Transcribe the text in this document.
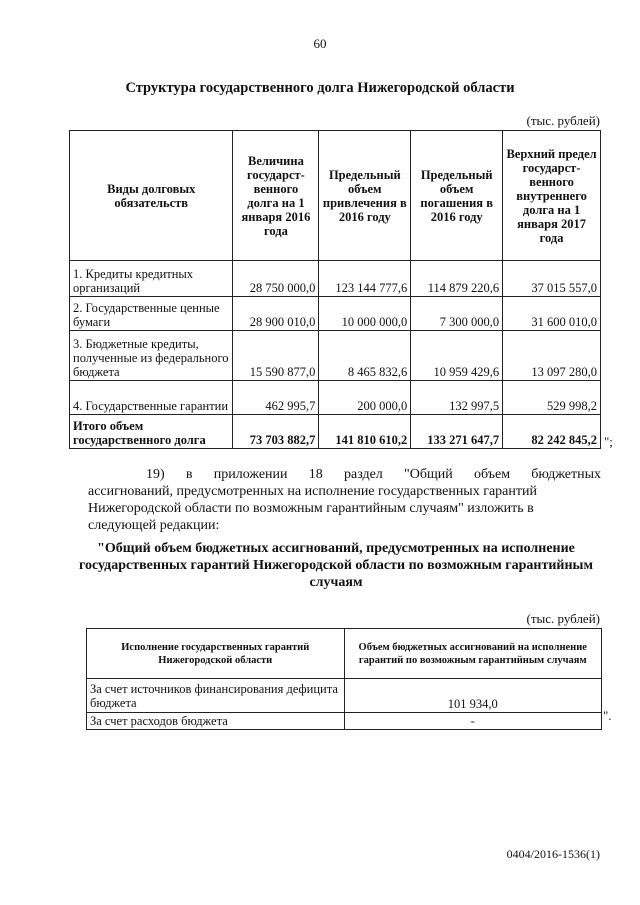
60
Структура государственного долга Нижегородской области
(тыс. рублей)
Виды долговых обязательств	Величина государст-венного долга на 1 января 2016 года	Предельный объем привлечения в 2016 году	Предельный объем погашения в 2016 году	Верхний предел государст-венного внутреннего долга на 1 января 2017 года
1. Кредиты кредитных организаций	28 750 000,0	123 144 777,6	114 879 220,6	37 015 557,0
2. Государственные ценные бумаги	28 900 010,0	10 000 000,0	7 300 000,0	31 600 010,0
3. Бюджетные кредиты, полученные из федерального бюджета	15 590 877,0	8 465 832,6	10 959 429,6	13 097 280,0
4. Государственные гарантии	462 995,7	200 000,0	132 997,5	529 998,2
Итого объем государственного долга	73 703 882,7	141 810 610,2	133 271 647,7	82 242 845,2 ";
19) в приложении 18 раздел "Общий объем бюджетных
ассигнований, предусмотренных на исполнение государственных гарантий Нижегородской области по возможным гарантийным случаям" изложить в следующей редакции:
"Общий объем бюджетных ассигнований, предусмотренных на исполнение государственных гарантий Нижегородской области по возможным гарантийным случаям
(тыс. рублей)
Исполнение государственных гарантий Нижегородской области	Объем бюджетных ассигнований на исполнение гарантий по возможным гарантийным случаям
За счет источников финансирования дефицита бюджета	101 934,0
За счет расходов бюджета	-	".
0404/2016-1536(1)
